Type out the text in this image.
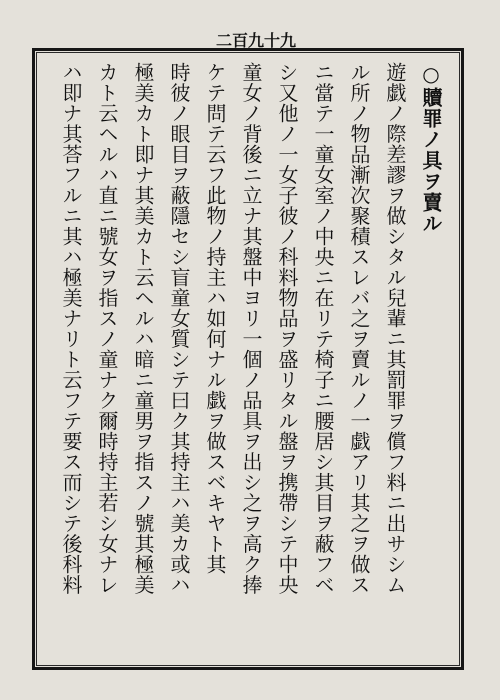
二百九十九
○贖罪ノ具ヲ賣ル
遊戯ノ際差謬ヲ做シタル兒輩ニ其罰罪ヲ償フ料ニ出サシム
ル所ノ物品漸次聚積スレバ之ヲ賣ルノ一戯アリ其之ヲ做ス
ニ當テ一童女室ノ中央ニ在リテ椅子ニ腰居シ其目ヲ蔽フベ
シ又他ノ一女子彼ノ科料物品ヲ盛リタル盤ヲ携帶シテ中央
童女ノ背後ニ立ナ其盤中ヨリ一個ノ品具ヲ出シ之ヲ高ク捧
ケテ問テ云フ此物ノ持主ハ如何ナル戯ヲ做スベキヤト其
時彼ノ眼目ヲ蔽隱セシ盲童女質シテ曰ク其持主ハ美カ或ハ
極美カト即ナ其美カト云ヘルハ暗ニ童男ヲ指スノ號其極美
カト云ヘルハ直ニ號女ヲ指スノ童ナク爾時持主若シ女ナレ
ハ即ナ其荅フルニ其ハ極美ナリト云フテ要ス而シテ後科料
